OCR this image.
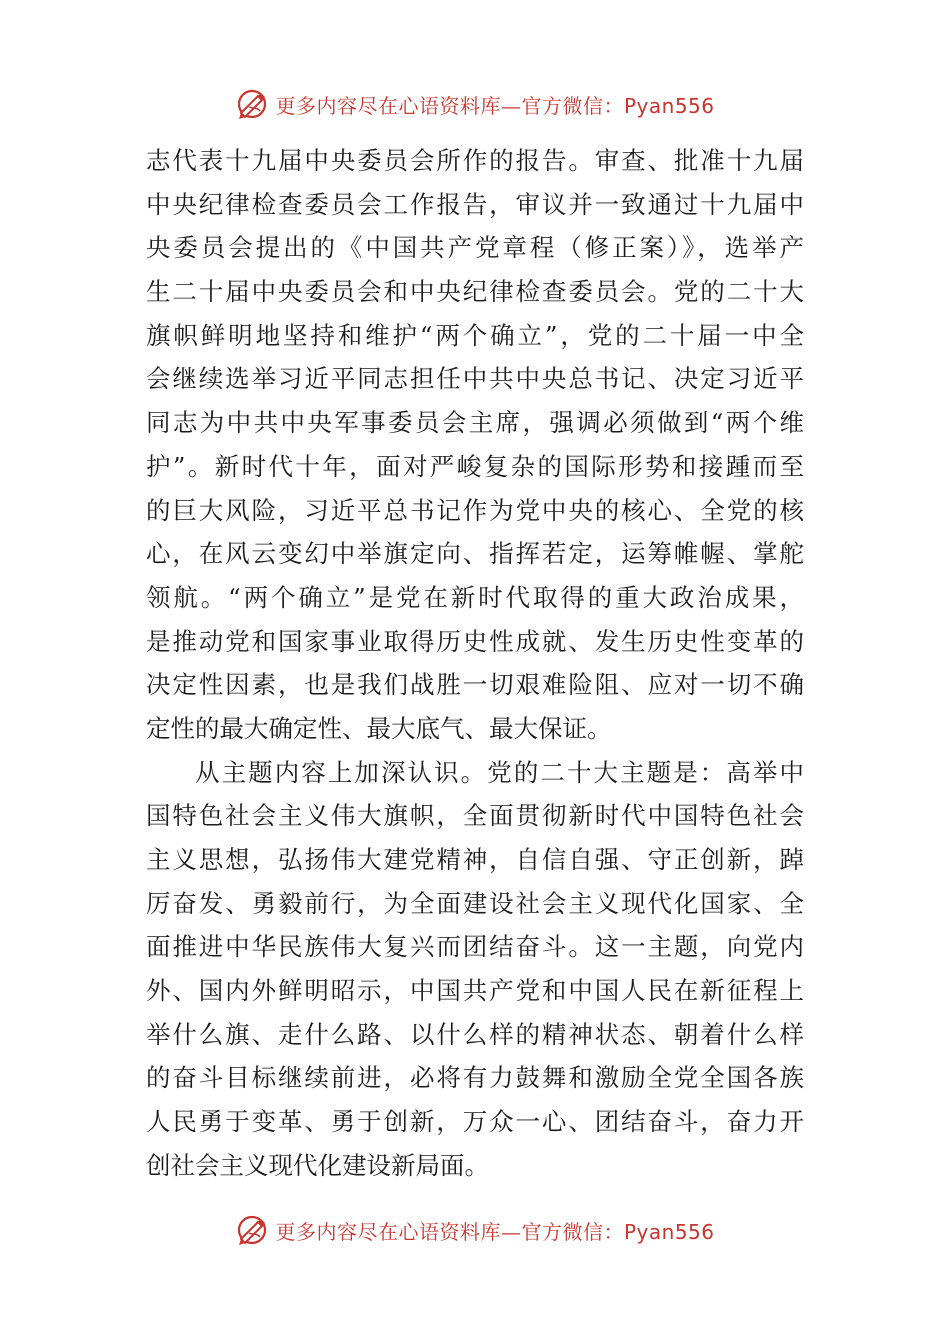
更多内容尽在心语资料库—官方微信：Pyan556
志代表十九届中央委员会所作的报告。审查、批准十九届
中央纪律检查委员会工作报告，审议并一致通过十九届中
央委员会提出的《中国共产党章程（修正案）》，选举产
生二十届中央委员会和中央纪律检查委员会。党的二十大
旗帜鲜明地坚持和维护“两个确立”，党的二十届一中全
会继续选举习近平同志担任中共中央总书记、决定习近平
同志为中共中央军事委员会主席，强调必须做到“两个维
护”。新时代十年，面对严峻复杂的国际形势和接踵而至
的巨大风险，习近平总书记作为党中央的核心、全党的核
心，在风云变幻中举旗定向、指挥若定，运筹帷幄、掌舵
领航。“两个确立”是党在新时代取得的重大政治成果，
是推动党和国家事业取得历史性成就、发生历史性变革的
决定性因素，也是我们战胜一切艰难险阻、应对一切不确
定性的最大确定性、最大底气、最大保证。
从主题内容上加深认识。党的二十大主题是：高举中
国特色社会主义伟大旗帜，全面贯彻新时代中国特色社会
主义思想，弘扬伟大建党精神，自信自强、守正创新，踔
厉奋发、勇毅前行，为全面建设社会主义现代化国家、全
面推进中华民族伟大复兴而团结奋斗。这一主题，向党内
外、国内外鲜明昭示，中国共产党和中国人民在新征程上
举什么旗、走什么路、以什么样的精神状态、朝着什么样
的奋斗目标继续前进，必将有力鼓舞和激励全党全国各族
人民勇于变革、勇于创新，万众一心、团结奋斗，奋力开
创社会主义现代化建设新局面。
更多内容尽在心语资料库—官方微信：Pyan556
